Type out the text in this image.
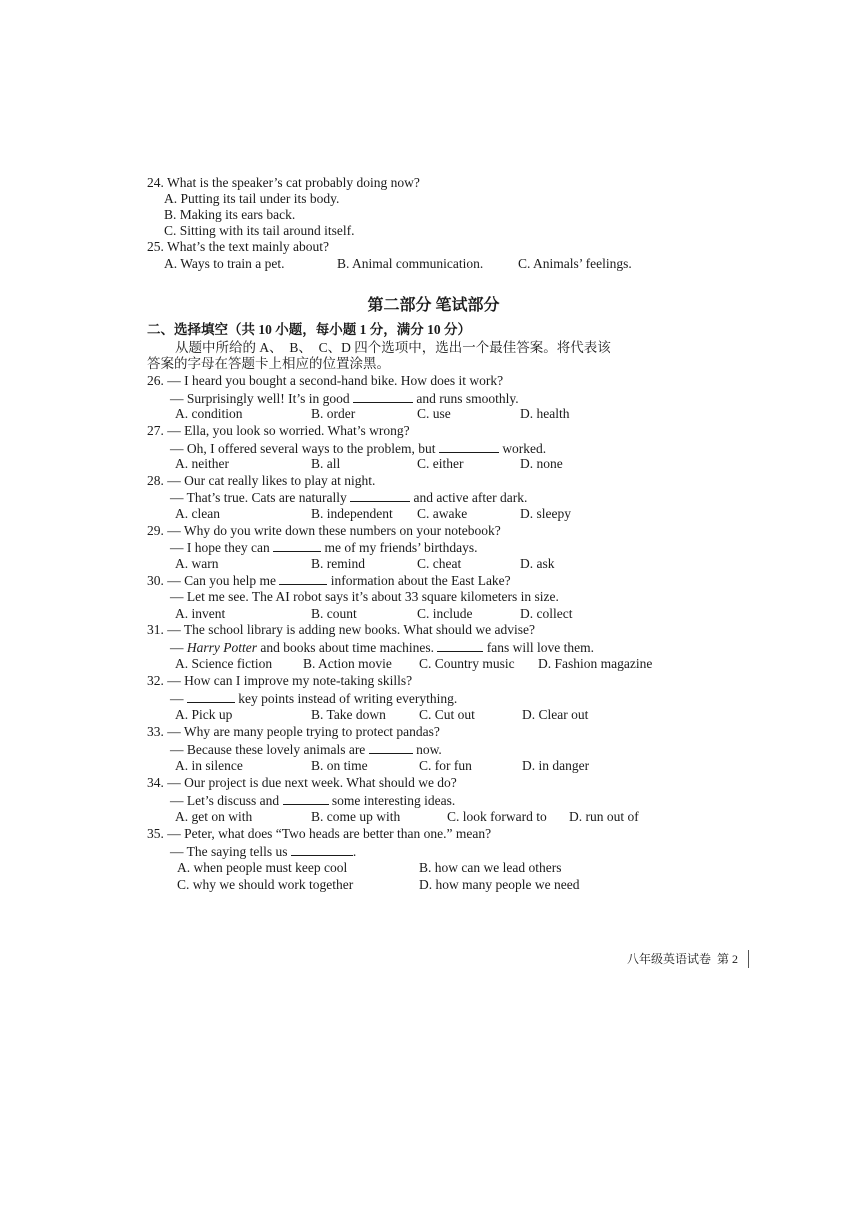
24. What is the speaker’s cat probably doing now?
A. Putting its tail under its body.
B. Making its ears back.
C. Sitting with its tail around itself.
25. What’s the text mainly about?
A. Ways to train a pet.	B. Animal communication.	C. Animals’ feelings.
第二部分 笔试部分
二、选择填空（共 10 小题，每小题 1 分，满分 10 分）
从题中所给的 A、  B、  C、D 四个选项中，选出一个最佳答案。将代表该
答案的字母在答题卡上相应的位置涂黑。
26. — I heard you bought a second-hand bike. How does it work?
— Surprisingly well! It’s in good	and runs smoothly.
A. condition	B. order	C. use	D. health
27. — Ella, you look so worried. What’s wrong?
— Oh, I offered several ways to the problem, but	worked.
A. neither	B. all	C. either	D. none
28. — Our cat really likes to play at night.
— That’s true. Cats are naturally	and active after dark.
A. clean	B. independent C. awake	D. sleepy
29. — Why do you write down these numbers on your notebook?
— I hope they can	me of my friends’ birthdays.
A. warn	B. remind	C. cheat	D. ask
30. — Can you help me	information about the East Lake?
— Let me see. The AI robot says it’s about 33 square kilometers in size.
A. invent	B. count	C. include	D. collect
31. — The school library is adding new books. What should we advise?
— Harry Potter and books about time machines.	fans will love them.
A. Science fiction B. Action movie C. Country music D. Fashion magazine
32. — How can I improve my note-taking skills?
—	key points instead of writing everything.
A. Pick up	B. Take down C. Cut out	D. Clear out
33. — Why are many people trying to protect pandas?
— Because these lovely animals are	now.
A. in silence	B. on time	C. for fun	D. in danger
34. — Our project is due next week. What should we do?
— Let’s discuss and	some interesting ideas.
A. get on with	B. come up with	C. look forward to D. run out of
35. — Peter, what does “Two heads are better than one.” mean?
— The saying tells us	.
A. when people must keep cool	B. how can we lead others
C. why we should work together	D. how many people we need
八年级英语试卷  第 2
